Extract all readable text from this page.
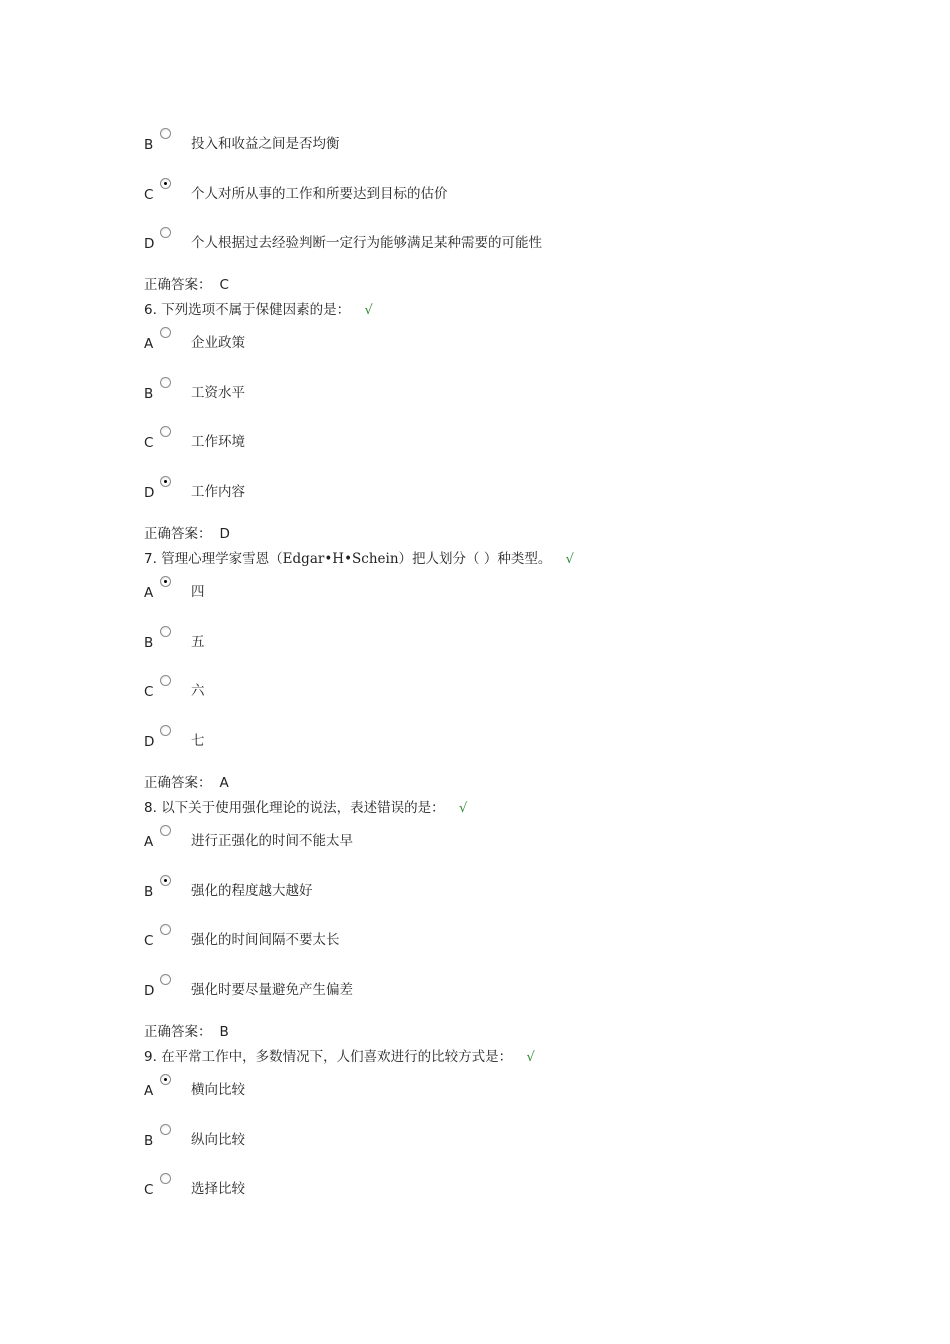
B	投入和收益之间是否均衡
C	个人对所从事的工作和所要达到目标的估价
D	个人根据过去经验判断一定行为能够满足某种需要的可能性
正确答案： C
6. 下列选项不属于保健因素的是： √
A	企业政策
B	工资水平
C	工作环境
D	工作内容
正确答案： D
7. 管理心理学家雪恩（Edgar•H•Schein）把人划分（ ）种类型。 √
A	四
B	五
C	六
D	七
正确答案： A
8. 以下关于使用强化理论的说法，表述错误的是： √
A	进行正强化的时间不能太早
B	强化的程度越大越好
C	强化的时间间隔不要太长
D	强化时要尽量避免产生偏差
正确答案： B
9. 在平常工作中，多数情况下，人们喜欢进行的比较方式是： √
A	横向比较
B	纵向比较
C	选择比较
